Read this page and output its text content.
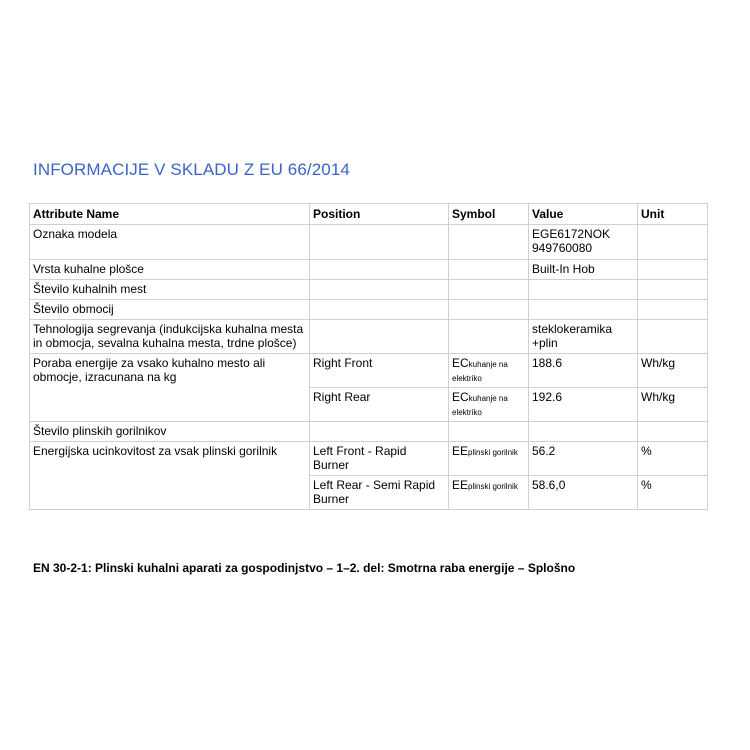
INFORMACIJE V SKLADU Z EU 66/2014
Attribute Name	Position	Symbol	Value	Unit
Oznaka modela			EGE6172NOK 949760080	
Vrsta kuhalne plošce			Built-In Hob	
Število kuhalnih mest				
Število obmocij				
Tehnologija segrevanja (indukcijska kuhalna mesta in obmocja, sevalna kuhalna mesta, trdne plošce)			steklokeramika +plin	
Poraba energije za vsako kuhalno mesto ali obmocje, izracunana na kg	Right Front	ECkuhanje na elektriko	188.6	Wh/kg
	Right Rear	ECkuhanje na elektriko	192.6	Wh/kg
Število plinskih gorilnikov				
Energijska ucinkovitost za vsak plinski gorilnik	Left Front - Rapid Burner	EEplinski gorilnik	56.2	%
	Left Rear - Semi Rapid Burner	EEplinski gorilnik	58.6,0	%
EN 30-2-1: Plinski kuhalni aparati za gospodinjstvo – 1–2. del: Smotrna raba energije – Splošno
